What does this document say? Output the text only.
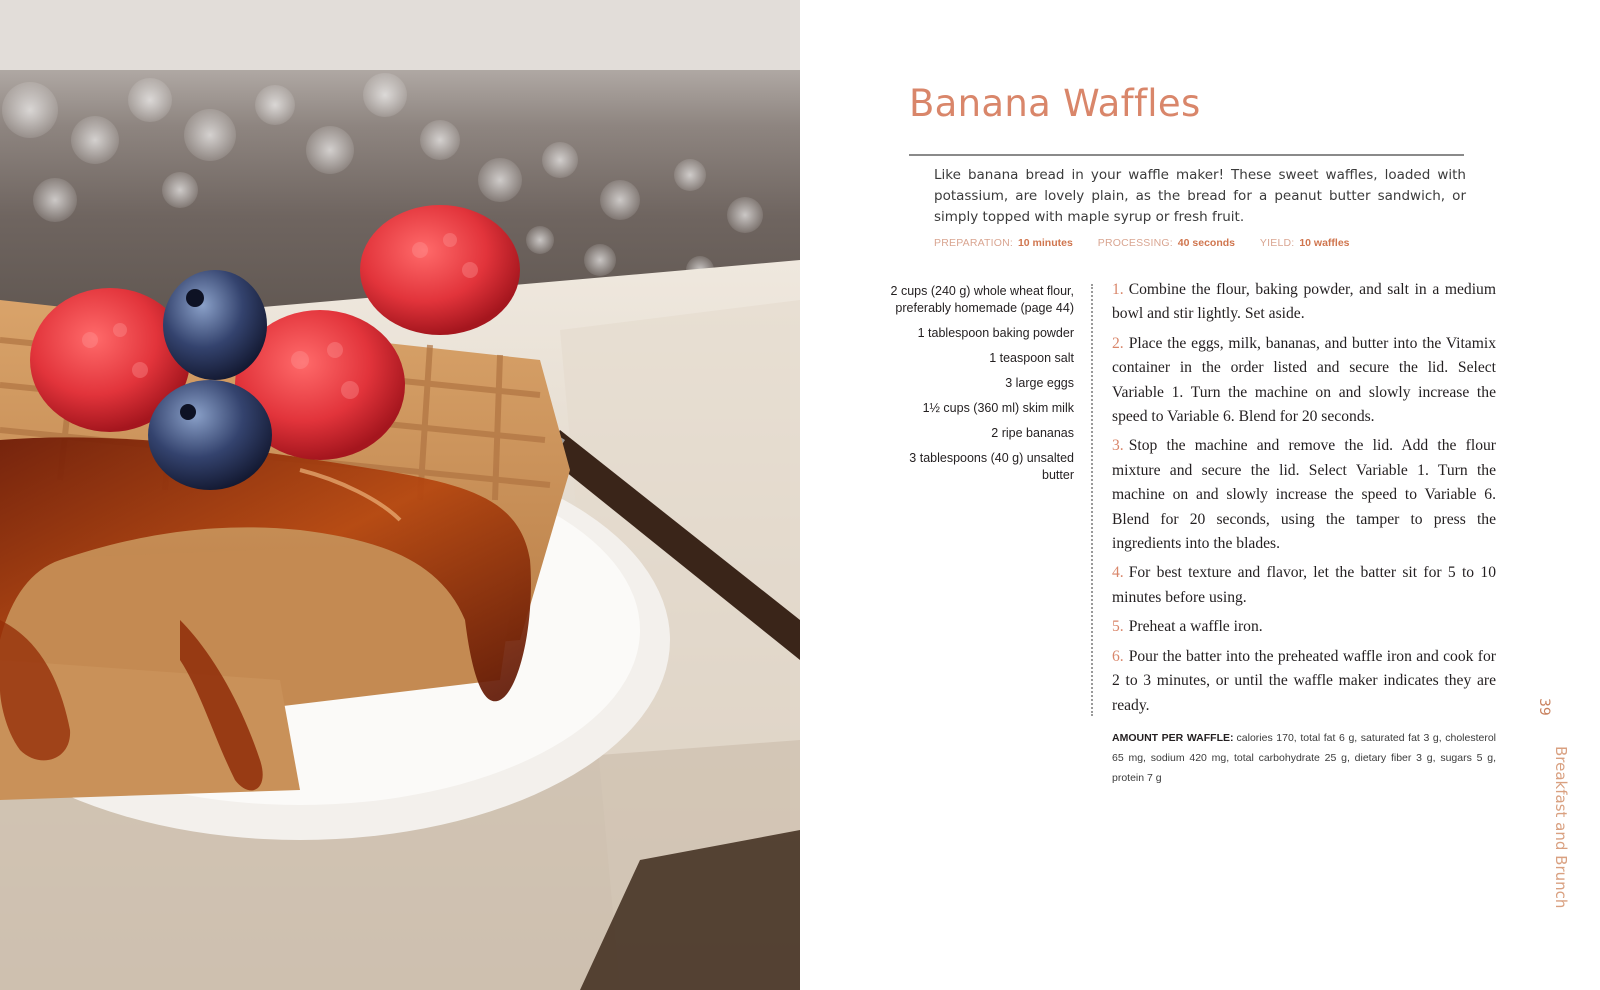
Banana Waffles

Like banana bread in your waffle maker! These sweet waffles, loaded with potassium, are lovely plain, as the bread for a peanut butter sandwich, or simply topped with maple syrup or fresh fruit.

PREPARATION: 10 minutes PROCESSING: 40 seconds YIELD: 10 waffles
2 cups (240 g) whole wheat flour, preferably homemade (page 44)
1 tablespoon baking powder
1 teaspoon salt
3 large eggs
1½ cups (360 ml) skim milk
2 ripe bananas
3 tablespoons (40 g) unsalted butter
1. Combine the flour, baking powder, and salt in a medium bowl and stir lightly. Set aside.
2. Place the eggs, milk, bananas, and butter into the Vitamix container in the order listed and secure the lid. Select Variable 1. Turn the machine on and slowly increase the speed to Variable 6. Blend for 20 seconds.
3. Stop the machine and remove the lid. Add the flour mixture and secure the lid. Select Variable 1. Turn the machine on and slowly increase the speed to Variable 6. Blend for 20 seconds, using the tamper to press the ingredients into the blades.
4. For best texture and flavor, let the batter sit for 5 to 10 minutes before using.
5. Preheat a waffle iron.
6. Pour the batter into the preheated waffle iron and cook for 2 to 3 minutes, or until the waffle maker indicates they are ready.

AMOUNT PER WAFFLE: calories 170, total fat 6 g, saturated fat 3 g, cholesterol 65 mg, sodium 420 mg, total carbohydrate 25 g, dietary fiber 3 g, sugars 5 g, protein 7 g

39
Breakfast and Brunch
